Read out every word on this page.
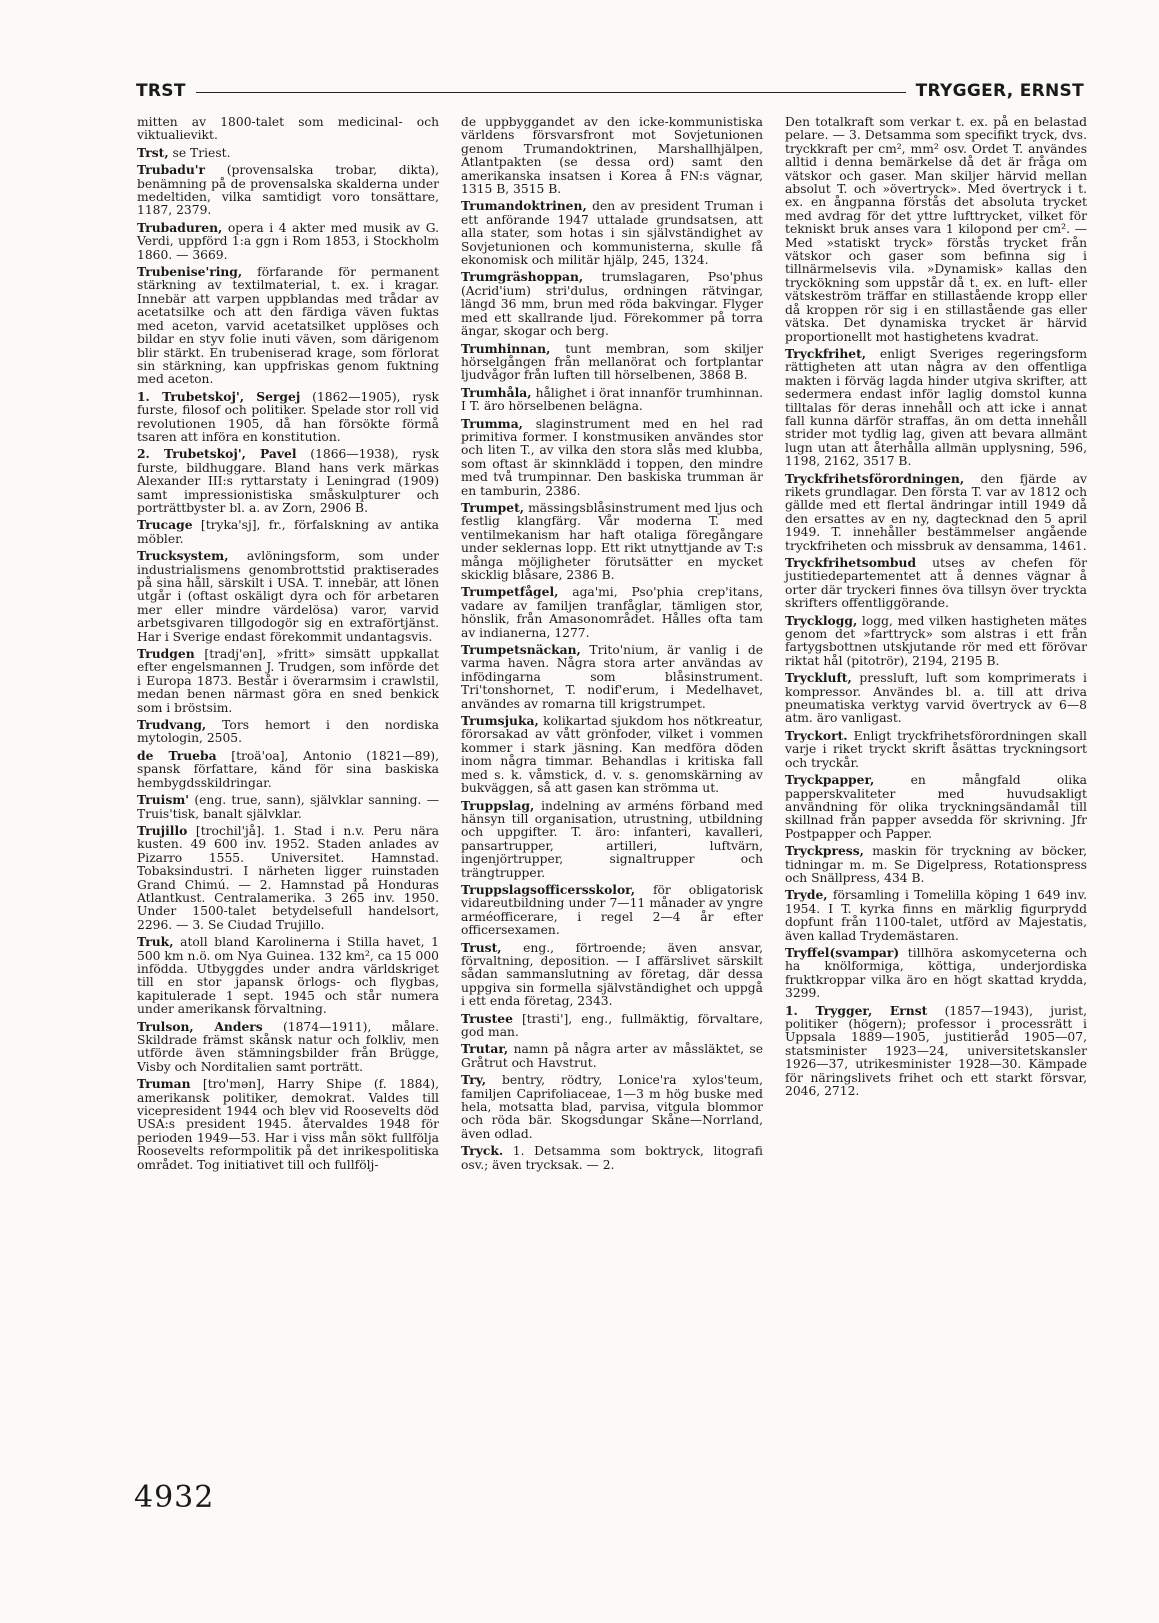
TRST	TRYGGER, ERNST

mitten av 1800-talet som medicinal- och viktualievikt.

Trst, se Triest.

Trubadu'r (provensalska trobar, dikta), benämning på de provensalska skalderna under medeltiden, vilka samtidigt voro tonsättare, 1187, 2379.

Trubaduren, opera i 4 akter med musik av G. Verdi, uppförd 1:a ggn i Rom 1853, i Stockholm 1860. — 3669.

Trubenise'ring, förfarande för permanent stärkning av textilmaterial, t. ex. i kragar. Innebär att varpen uppblandas med trådar av acetatsilke och att den färdiga väven fuktas med aceton, varvid acetatsilket upplöses och bildar en styv folie inuti väven, som därigenom blir stärkt. En trubeniserad krage, som förlorat sin stärkning, kan uppfriskas genom fuktning med aceton.

1. Trubetskoj', Sergej (1862—1905), rysk furste, filosof och politiker. Spelade stor roll vid revolutionen 1905, då han försökte förmå tsaren att införa en konstitution.

2. Trubetskoj', Pavel (1866—1938), rysk furste, bildhuggare. Bland hans verk märkas Alexander III:s ryttarstaty i Leningrad (1909) samt impressionistiska småskulpturer och porträttbyster bl. a. av Zorn, 2906 B.

Trucage [tryka'sj], fr., förfalskning av antika möbler.

Trucksystem, avlöningsform, som under industrialismens genombrottstid praktiserades på sina håll, särskilt i USA. T. innebär, att lönen utgår i (oftast oskäligt dyra och för arbetaren mer eller mindre värdelösa) varor, varvid arbetsgivaren tillgodogör sig en extraförtjänst. Har i Sverige endast förekommit undantagsvis.

Trudgen [tradj'ən], »fritt» simsätt uppkallat efter engelsmannen J. Trudgen, som införde det i Europa 1873. Består i överarmsim i crawlstil, medan benen närmast göra en sned benkick som i bröstsim.

Trudvang, Tors hemort i den nordiska mytologin, 2505.

de Trueba [troä'oa], Antonio (1821—89), spansk författare, känd för sina baskiska hembygdsskildringar.

Truism' (eng. true, sann), självklar sanning. — Truis'tisk, banalt självklar.

Trujillo [trochil'jå]. 1. Stad i n.v. Peru nära kusten. 49 600 inv. 1952. Staden anlades av Pizarro 1555. Universitet. Hamnstad. Tobaksindustri. I närheten ligger ruinstaden Grand Chimú. — 2. Hamnstad på Honduras Atlantkust. Centralamerika. 3 265 inv. 1950. Under 1500-talet betydelsefull handelsort, 2296. — 3. Se Ciudad Trujillo.

Truk, atoll bland Karolinerna i Stilla havet, 1 500 km n.ö. om Nya Guinea. 132 km², ca 15 000 infödda. Utbyggdes under andra världskriget till en stor japansk örlogs- och flygbas, kapitulerade 1 sept. 1945 och står numera under amerikansk förvaltning.

Trulson, Anders (1874—1911), målare. Skildrade främst skånsk natur och folkliv, men utförde även stämningsbilder från Brügge, Visby och Norditalien samt porträtt.

Truman [tro'mən], Harry Shipe (f. 1884), amerikansk politiker, demokrat. Valdes till vicepresident 1944 och blev vid Roosevelts död USA:s president 1945. återvaldes 1948 för perioden 1949—53. Har i viss mån sökt fullfölja Roosevelts reformpolitik på det inrikespolitiska området. Tog initiativet till och fullfölj-

de uppbyggandet av den icke-kommunistiska världens försvarsfront mot Sovjetunionen genom Trumandoktrinen, Marshallhjälpen, Atlantpakten (se dessa ord) samt den amerikanska insatsen i Korea å FN:s vägnar, 1315 B, 3515 B.

Trumandoktrinen, den av president Truman i ett anförande 1947 uttalade grundsatsen, att alla stater, som hotas i sin självständighet av Sovjetunionen och kommunisterna, skulle få ekonomisk och militär hjälp, 245, 1324.

Trumgräshoppan, trumslagaren, Pso'phus (Acrid'ium) stri'dulus, ordningen rätvingar, längd 36 mm, brun med röda bakvingar. Flyger med ett skallrande ljud. Förekommer på torra ängar, skogar och berg.

Trumhinnan, tunt membran, som skiljer hörselgången från mellanörat och fortplantar ljudvågor från luften till hörselbenen, 3868 B.

Trumhåla, hålighet i örat innanför trumhinnan. I T. äro hörselbenen belägna.

Trumma, slaginstrument med en hel rad primitiva former. I konstmusiken användes stor och liten T., av vilka den stora slås med klubba, som oftast är skinnklädd i toppen, den mindre med två trumpinnar. Den baskiska trumman är en tamburin, 2386.

Trumpet, mässingsblåsinstrument med ljus och festlig klangfärg. Vår moderna T. med ventilmekanism har haft otaliga föregångare under seklernas lopp. Ett rikt utnyttjande av T:s många möjligheter förutsätter en mycket skicklig blåsare, 2386 B.

Trumpetfågel, aga'mi, Pso'phia crep'itans, vadare av familjen tranfåglar, tämligen stor, hönslik, från Amasonområdet. Hålles ofta tam av indianerna, 1277.

Trumpetsnäckan, Trito'nium, är vanlig i de varma haven. Några stora arter användas av infödingarna som blåsinstrument. Tri'tonshornet, T. nodif'erum, i Medelhavet, användes av romarna till krigstrumpet.

Trumsjuka, kolikartad sjukdom hos nötkreatur, förorsakad av vått grönfoder, vilket i vommen kommer i stark jäsning. Kan medföra döden inom några timmar. Behandlas i kritiska fall med s. k. våmstick, d. v. s. genomskärning av bukväggen, så att gasen kan strömma ut.

Truppslag, indelning av arméns förband med hänsyn till organisation, utrustning, utbildning och uppgifter. T. äro: infanteri, kavalleri, pansartrupper, artilleri, luftvärn, ingenjörtrupper, signaltrupper och trängtrupper.

Truppslagsofficersskolor, för obligatorisk vidareutbildning under 7—11 månader av yngre arméofficerare, i regel 2—4 år efter officersexamen.

Trust, eng., förtroende; även ansvar, förvaltning, deposition. — I affärslivet särskilt sådan sammanslutning av företag, där dessa uppgiva sin formella självständighet och uppgå i ett enda företag, 2343.

Trustee [trasti'], eng., fullmäktig, förvaltare, god man.

Trutar, namn på några arter av måssläktet, se Gråtrut och Havstrut.

Try, bentry, rödtry, Lonice'ra xylos'teum, familjen Caprifoliaceae, 1—3 m hög buske med hela, motsatta blad, parvisa, vitgula blommor och röda bär. Skogsdungar Skåne—Norrland, även odlad.

Tryck. 1. Detsamma som boktryck, litografi osv.; även trycksak. — 2.

Den totalkraft som verkar t. ex. på en belastad pelare. — 3. Detsamma som specifikt tryck, dvs. tryckkraft per cm², mm² osv. Ordet T. användes alltid i denna bemärkelse då det är fråga om vätskor och gaser. Man skiljer härvid mellan absolut T. och »övertryck». Med övertryck i t. ex. en ångpanna förstås det absoluta trycket med avdrag för det yttre lufttrycket, vilket för tekniskt bruk anses vara 1 kilopond per cm². — Med »statiskt tryck» förstås trycket från vätskor och gaser som befinna sig i tillnärmelsevis vila. »Dynamisk» kallas den tryckökning som uppstår då t. ex. en luft- eller vätskeström träffar en stillastående kropp eller då kroppen rör sig i en stillastående gas eller vätska. Det dynamiska trycket är härvid proportionellt mot hastighetens kvadrat.

Tryckfrihet, enligt Sveriges regeringsform rättigheten att utan några av den offentliga makten i förväg lagda hinder utgiva skrifter, att sedermera endast inför laglig domstol kunna tilltalas för deras innehåll och att icke i annat fall kunna därför straffas, än om detta innehåll strider mot tydlig lag, given att bevara allmänt lugn utan att återhålla allmän upplysning, 596, 1198, 2162, 3517 B.

Tryckfrihetsförordningen, den fjärde av rikets grundlagar. Den första T. var av 1812 och gällde med ett flertal ändringar intill 1949 då den ersattes av en ny, dagtecknad den 5 april 1949. T. innehåller bestämmelser angående tryckfriheten och missbruk av densamma, 1461.

Tryckfrihetsombud utses av chefen för justitiedepartementet att å dennes vägnar å orter där tryckeri finnes öva tillsyn över tryckta skrifters offentliggörande.

Trycklogg, logg, med vilken hastigheten mätes genom det »farttryck» som alstras i ett från fartygsbottnen utskjutande rör med ett förövar riktat hål (pitotrör), 2194, 2195 B.

Tryckluft, pressluft, luft som komprimerats i kompressor. Användes bl. a. till att driva pneumatiska verktyg varvid övertryck av 6—8 atm. äro vanligast.

Tryckort. Enligt tryckfrihetsförordningen skall varje i riket tryckt skrift åsättas tryckningsort och tryckår.

Tryckpapper,	en mångfald olika papperskvaliteter med huvudsakligt användning för olika tryckningsändamål till skillnad från papper avsedda för skrivning. Jfr Postpapper och Papper.

Tryckpress, maskin för tryckning av böcker, tidningar m. m. Se Digelpress, Rotationspress och Snällpress, 434 B.

Tryde, församling i Tomelilla köping 1 649 inv. 1954. I T. kyrka finns en märklig figurprydd dopfunt från 1100-talet, utförd av Majestatis, även kallad Trydemästaren.

Tryffel(svampar) tillhöra askomyceterna och ha knölformiga, köttiga, underjordiska fruktkroppar vilka äro en högt skattad krydda, 3299.

1. Trygger, Ernst (1857—1943), jurist, politiker (högern); professor i processrätt i Uppsala 1889—1905, justitieråd 1905—07, statsminister 1923—24, universitetskansler 1926—37, utrikesminister 1928—30. Kämpade för näringslivets frihet och ett starkt försvar, 2046, 2712.

4932
